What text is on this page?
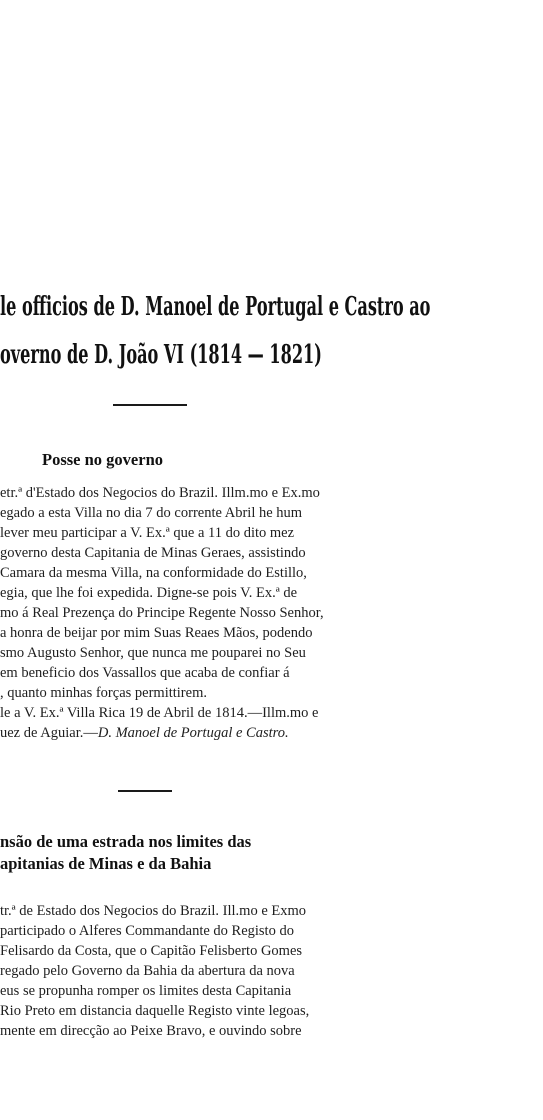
le officios de D. Manoel de Portugal e Castro ao
overno de D. João VI (1814 — 1821)
Posse no governo
etr.ª d'Estado dos Negocios do Brazil. Illm.mo e Ex.mo
egado a esta Villa no dia 7 do corrente Abril he hum
lever meu participar a V. Ex.ª que a 11 do dito mez
governo desta Capitania de Minas Geraes, assistindo
Camara da mesma Villa, na conformidade do Estillo,
egia, que lhe foi expedida. Digne-se pois V. Ex.ª de
mo á Real Prezença do Principe Regente Nosso Senhor,
a honra de beijar por mim Suas Reaes Mãos, podendo
smo Augusto Senhor, que nunca me pouparei no Seu
em beneficio dos Vassallos que acaba de confiar á
, quanto minhas forças permittirem.
le a V. Ex.ª Villa Rica 19 de Abril de 1814.—Illm.mo e
uez de Aguiar.—D. Manoel de Portugal e Castro.
nsão de uma estrada nos limites das
apitanias de Minas e da Bahia
tr.ª de Estado dos Negocios do Brazil. Ill.mo e Exmo
participado o Alferes Commandante do Registo do
Felisardo da Costa, que o Capitão Felisberto Gomes
regado pelo Governo da Bahia da abertura da nova
eus se propunha romper os limites desta Capitania
Rio Preto em distancia daquelle Registo vinte legoas,
mente em direcção ao Peixe Bravo, e ouvindo sobre
